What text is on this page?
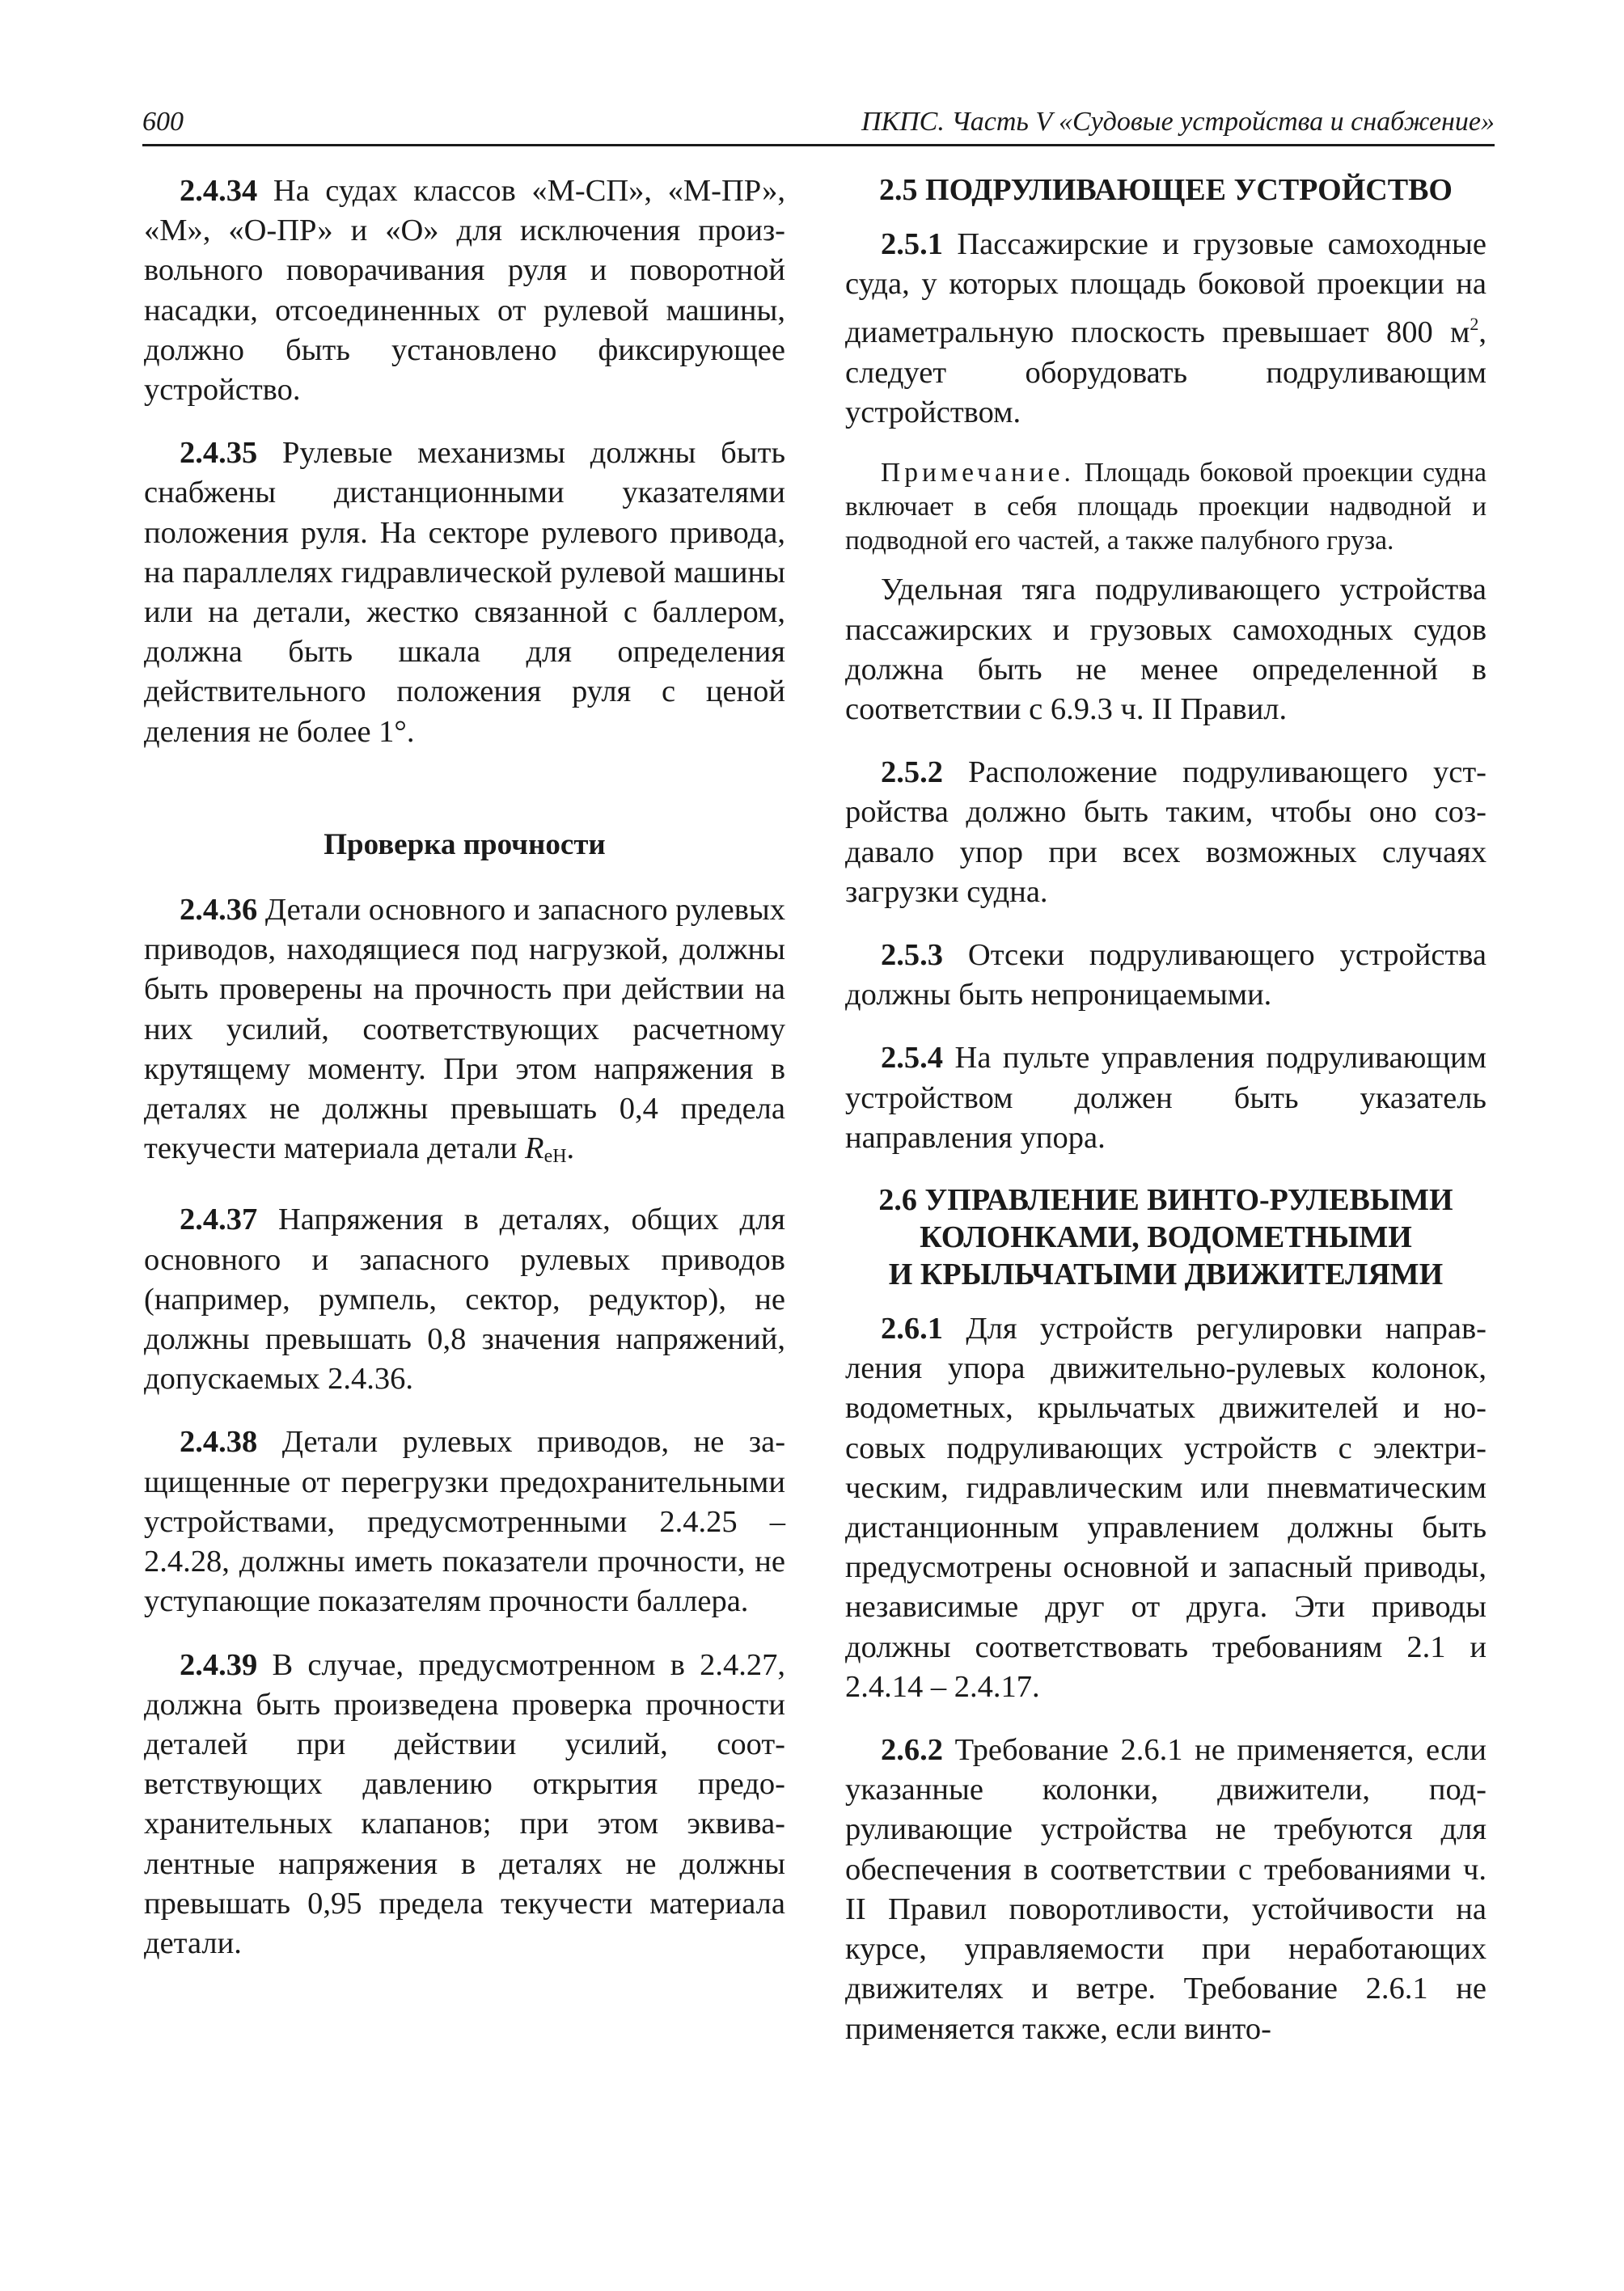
600	ПКПС. Часть V «Судовые устройства и снабжение»

2.4.34 На судах классов «М-СП», «М-ПР», «М», «О-ПР» и «О» для исключения произвольного поворачивания руля и поворотной насадки, отсоединенных от рулевой машины, должно быть установлено фиксирующее устройство.

2.4.35 Рулевые механизмы должны быть снабжены дистанционными указателями положения руля. На секторе рулевого привода, на параллелях гидравлической рулевой машины или на детали, жестко связанной с баллером, должна быть шкала для определения действительного положения руля с ценой деления не более 1°.

Проверка прочности

2.4.36 Детали основного и запасного рулевых приводов, находящиеся под нагрузкой, должны быть проверены на прочность при действии на них усилий, соответствующих расчетному крутящему моменту. При этом напряжения в деталях не должны превышать 0,4 предела текучести материала детали $R_{eH}$.

2.4.37 Напряжения в деталях, общих для основного и запасного рулевых приводов (например, румпель, сектор, редуктор), не должны превышать 0,8 значения напряжений, допускаемых 2.4.36.

2.4.38 Детали рулевых приводов, не защищенные от перегрузки предохранительными устройствами, предусмотренными 2.4.25 – 2.4.28, должны иметь показатели прочности, не уступающие показателям прочности баллера.

2.4.39 В случае, предусмотренном в 2.4.27, должна быть произведена проверка прочности деталей при действии усилий, соответствующих давлению открытия предохранительных клапанов; при этом эквивалентные напряжения в деталях не должны превышать 0,95 предела текучести материала детали.

2.5 ПОДРУЛИВАЮЩЕЕ УСТРОЙСТВО

2.5.1 Пассажирские и грузовые самоходные суда, у которых площадь боковой проекции на диаметральную плоскость превышает 800 $м^2$, следует оборудовать подруливающим устройством.

Примечание. Площадь боковой проекции судна включает в себя площадь проекции надводной и подводной его частей, а также палубного груза.

Удельная тяга подруливающего устройства пассажирских и грузовых самоходных судов должна быть не менее определенной в соответствии с 6.9.3 ч. II Правил.

2.5.2 Расположение подруливающего устройства должно быть таким, чтобы оно создавало упор при всех возможных случаях загрузки судна.

2.5.3 Отсеки подруливающего устройства должны быть непроницаемыми.

2.5.4 На пульте управления подруливающим устройством должен быть указатель направления упора.

2.6 УПРАВЛЕНИЕ ВИНТО-РУЛЕВЫМИ
КОЛОНКАМИ, ВОДОМЕТНЫМИ
И КРЫЛЬЧАТЫМИ ДВИЖИТЕЛЯМИ

2.6.1 Для устройств регулировки направления упора движительно-рулевых колонок, водометных, крыльчатых движителей и носовых подруливающих устройств с электрическим, гидравлическим или пневматическим дистанционным управлением должны быть предусмотрены основной и запасный приводы, независимые друг от друга. Эти приводы должны соответствовать требованиям 2.1 и 2.4.14 – 2.4.17.

2.6.2 Требование 2.6.1 не применяется, если указанные колонки, движители, подруливающие устройства не требуются для обеспечения в соответствии с требованиями ч. II Правил поворотливости, устойчивости на курсе, управляемости при неработающих движителях и ветре. Требование 2.6.1 не применяется также, если винто-
